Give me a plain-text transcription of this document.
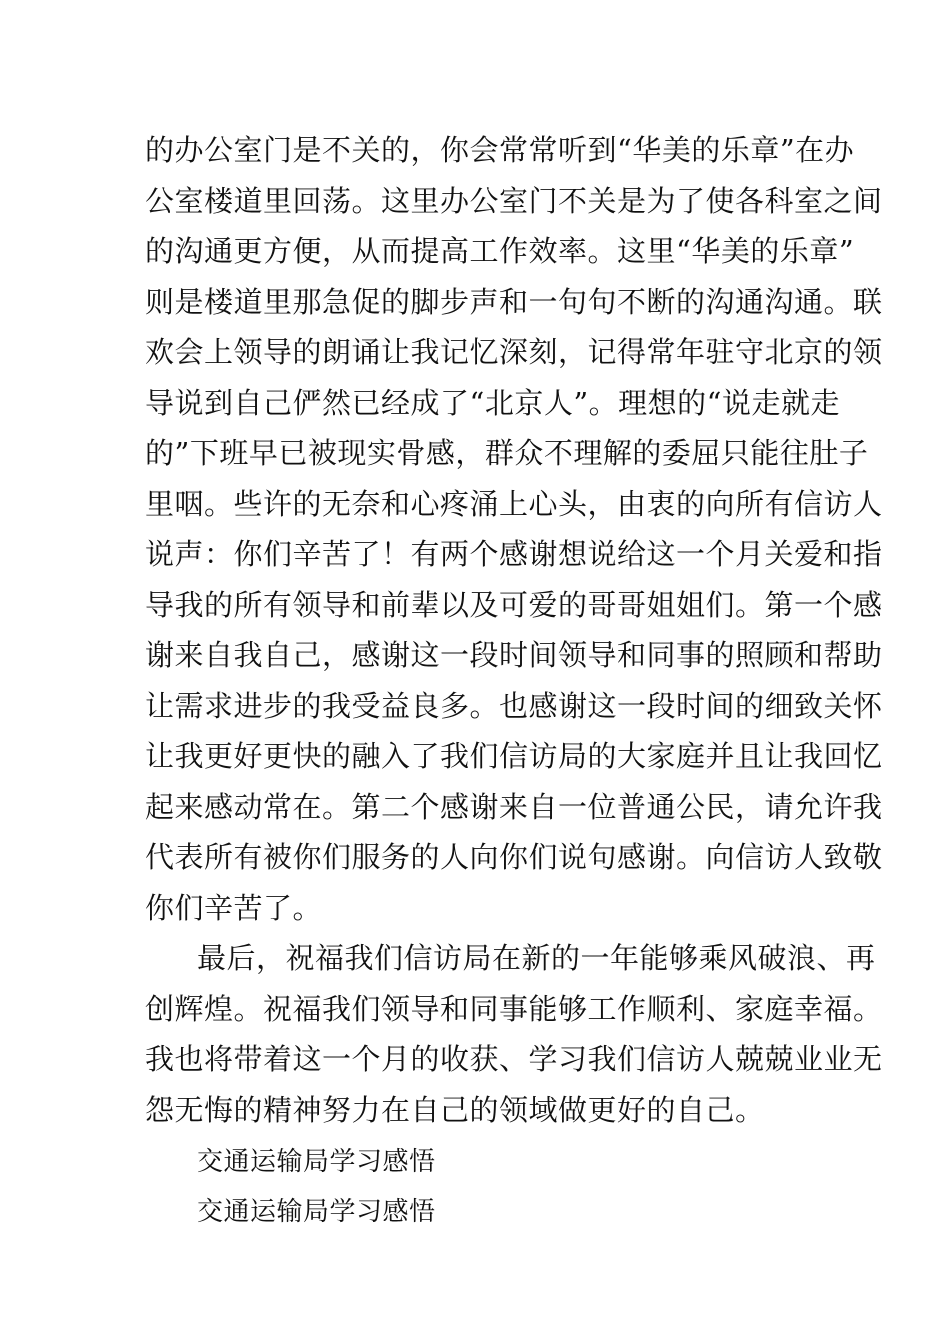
的办公室门是不关的，你会常常听到“华美的乐章”在办
公室楼道里回荡。这里办公室门不关是为了使各科室之间
的沟通更方便，从而提高工作效率。这里“华美的乐章”
则是楼道里那急促的脚步声和一句句不断的沟通沟通。联
欢会上领导的朗诵让我记忆深刻，记得常年驻守北京的领
导说到自己俨然已经成了“北京人”。理想的“说走就走
的”下班早已被现实骨感，群众不理解的委屈只能往肚子
里咽。些许的无奈和心疼涌上心头，由衷的向所有信访人
说声：你们辛苦了！有两个感谢想说给这一个月关爱和指
导我的所有领导和前辈以及可爱的哥哥姐姐们。第一个感
谢来自我自己，感谢这一段时间领导和同事的照顾和帮助
让需求进步的我受益良多。也感谢这一段时间的细致关怀
让我更好更快的融入了我们信访局的大家庭并且让我回忆
起来感动常在。第二个感谢来自一位普通公民，请允许我
代表所有被你们服务的人向你们说句感谢。向信访人致敬
你们辛苦了。
最后，祝福我们信访局在新的一年能够乘风破浪、再
创辉煌。祝福我们领导和同事能够工作顺利、家庭幸福。
我也将带着这一个月的收获、学习我们信访人兢兢业业无
怨无悔的精神努力在自己的领域做更好的自己。
交通运输局学习感悟
交通运输局学习感悟
